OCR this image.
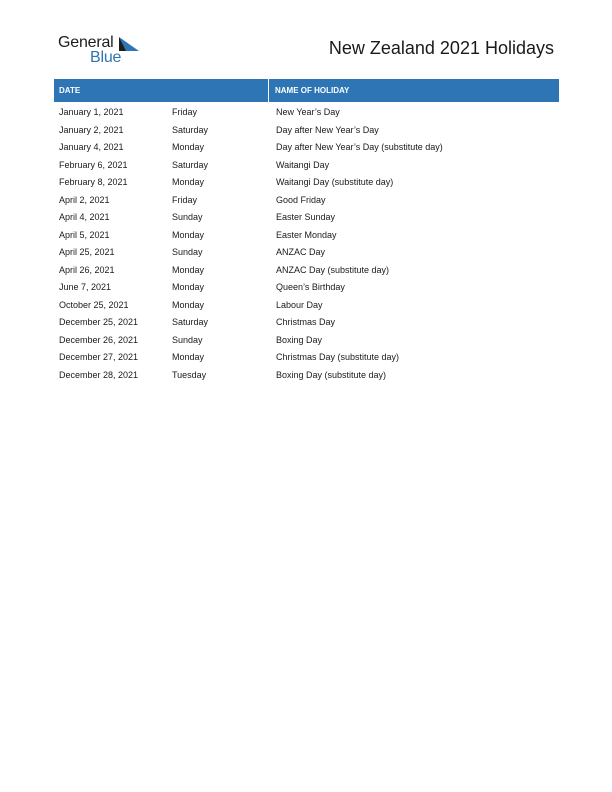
General
Blue	New Zealand 2021 Holidays
DATE	NAME OF HOLIDAY
January 1, 2021	Friday	New Year’s Day
January 2, 2021	Saturday	Day after New Year’s Day
January 4, 2021	Monday	Day after New Year’s Day (substitute day)
February 6, 2021	Saturday	Waitangi Day
February 8, 2021	Monday	Waitangi Day (substitute day)
April 2, 2021	Friday	Good Friday
April 4, 2021	Sunday	Easter Sunday
April 5, 2021	Monday	Easter Monday
April 25, 2021	Sunday	ANZAC Day
April 26, 2021	Monday	ANZAC Day (substitute day)
June 7, 2021	Monday	Queen’s Birthday
October 25, 2021	Monday	Labour Day
December 25, 2021	Saturday	Christmas Day
December 26, 2021	Sunday	Boxing Day
December 27, 2021	Monday	Christmas Day (substitute day)
December 28, 2021	Tuesday	Boxing Day (substitute day)
